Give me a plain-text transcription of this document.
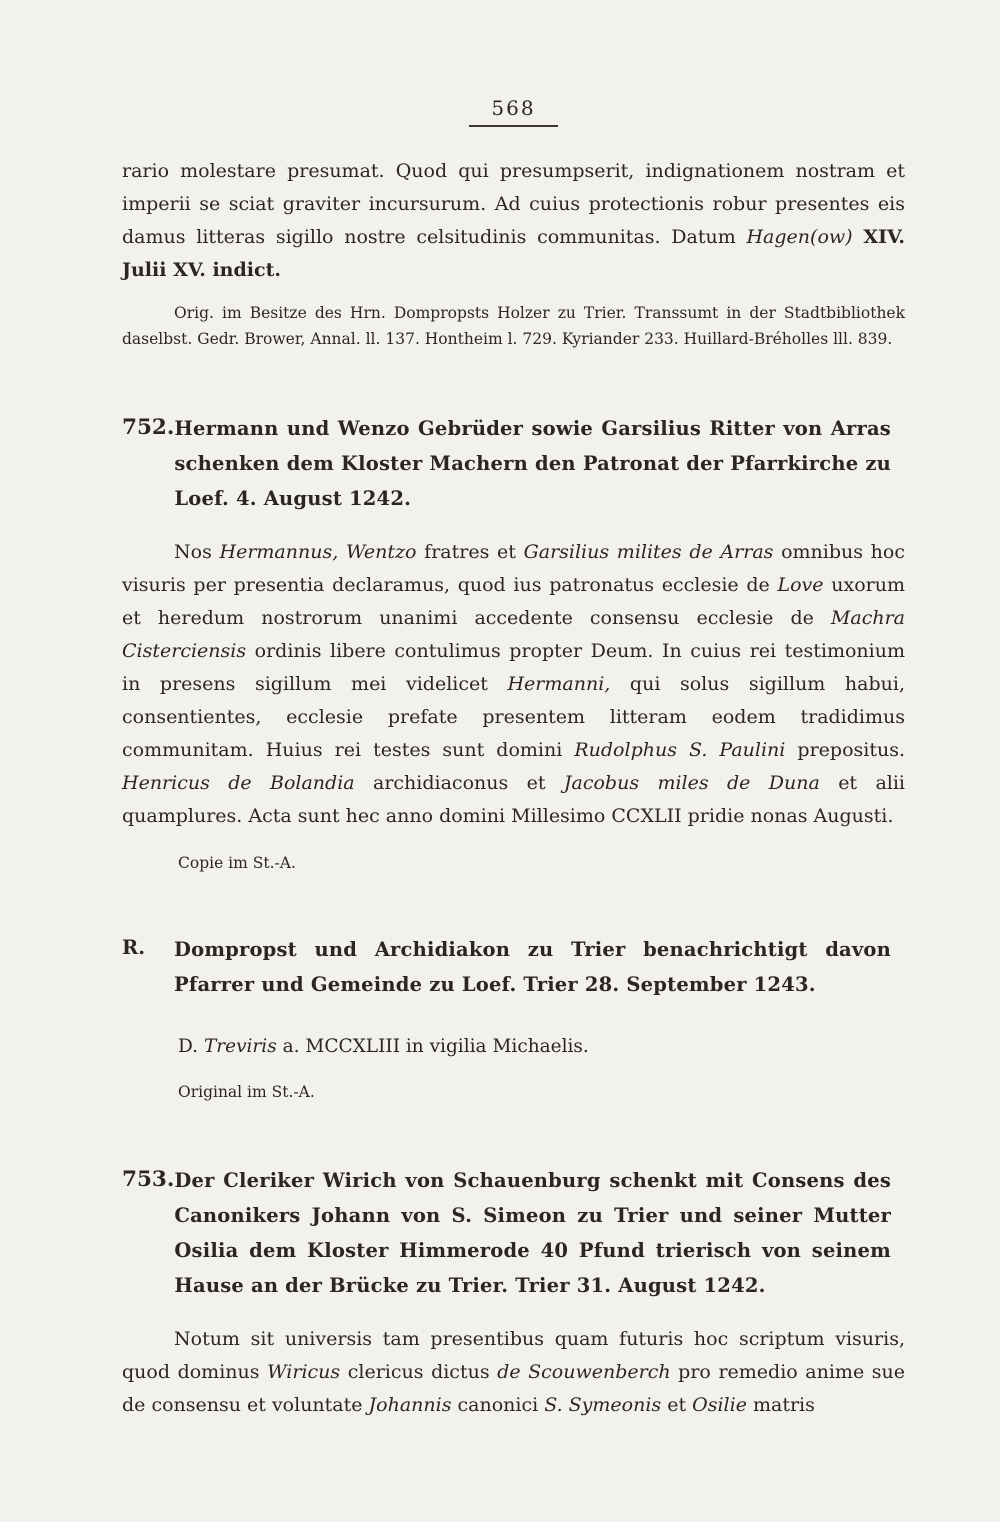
568

rario molestare presumat. Quod qui presumpserit, indignationem nostram et imperii se sciat graviter incursurum. Ad cuius protectionis robur presentes eis damus litteras sigillo nostre celsitudinis communitas. Datum Hagen(ow) XIV. Julii XV. indict.

Orig. im Besitze des Hrn. Dompropsts Holzer zu Trier. Transsumt in der Stadtbibliothek daselbst. Gedr. Brower, Annal. ll. 137. Hontheim l. 729. Kyriander 233. Huillard-Bréholles lll. 839.

752. Hermann und Wenzo Gebrüder sowie Garsilius Ritter von Arras schenken dem Kloster Machern den Patronat der Pfarrkirche zu Loef. 4. August 1242.

Nos Hermannus, Wentzo fratres et Garsilius milites de Arras omnibus hoc visuris per presentia declaramus, quod ius patronatus ecclesie de Love uxorum et heredum nostrorum unanimi accedente consensu ecclesie de Machra Cisterciensis ordinis libere contulimus propter Deum. In cuius rei testimonium in presens sigillum mei videlicet Hermanni, qui solus sigillum habui, consentientes, ecclesie prefate presentem litteram eodem tradidimus communitam. Huius rei testes sunt domini Rudolphus S. Paulini prepositus. Henricus de Bolandia archidiaconus et Jacobus miles de Duna et alii quamplures. Acta sunt hec anno domini Millesimo CCXLII pridie nonas Augusti.

Copie im St.-A.

R.	Dompropst und Archidiakon zu Trier benachrichtigt davon Pfarrer und Gemeinde zu Loef. Trier 28. September 1243.

D. Treviris a. MCCXLIII in vigilia Michaelis.

Original im St.-A.

753. Der Cleriker Wirich von Schauenburg schenkt mit Consens des Canonikers Johann von S. Simeon zu Trier und seiner Mutter Osilia dem Kloster Himmerode 40 Pfund trierisch von seinem Hause an der Brücke zu Trier. Trier 31. August 1242.

Notum sit universis tam presentibus quam futuris hoc scriptum visuris, quod dominus Wiricus clericus dictus de Scouwenberch pro remedio anime sue de consensu et voluntate Johannis canonici S. Symeonis et Osilie matris
